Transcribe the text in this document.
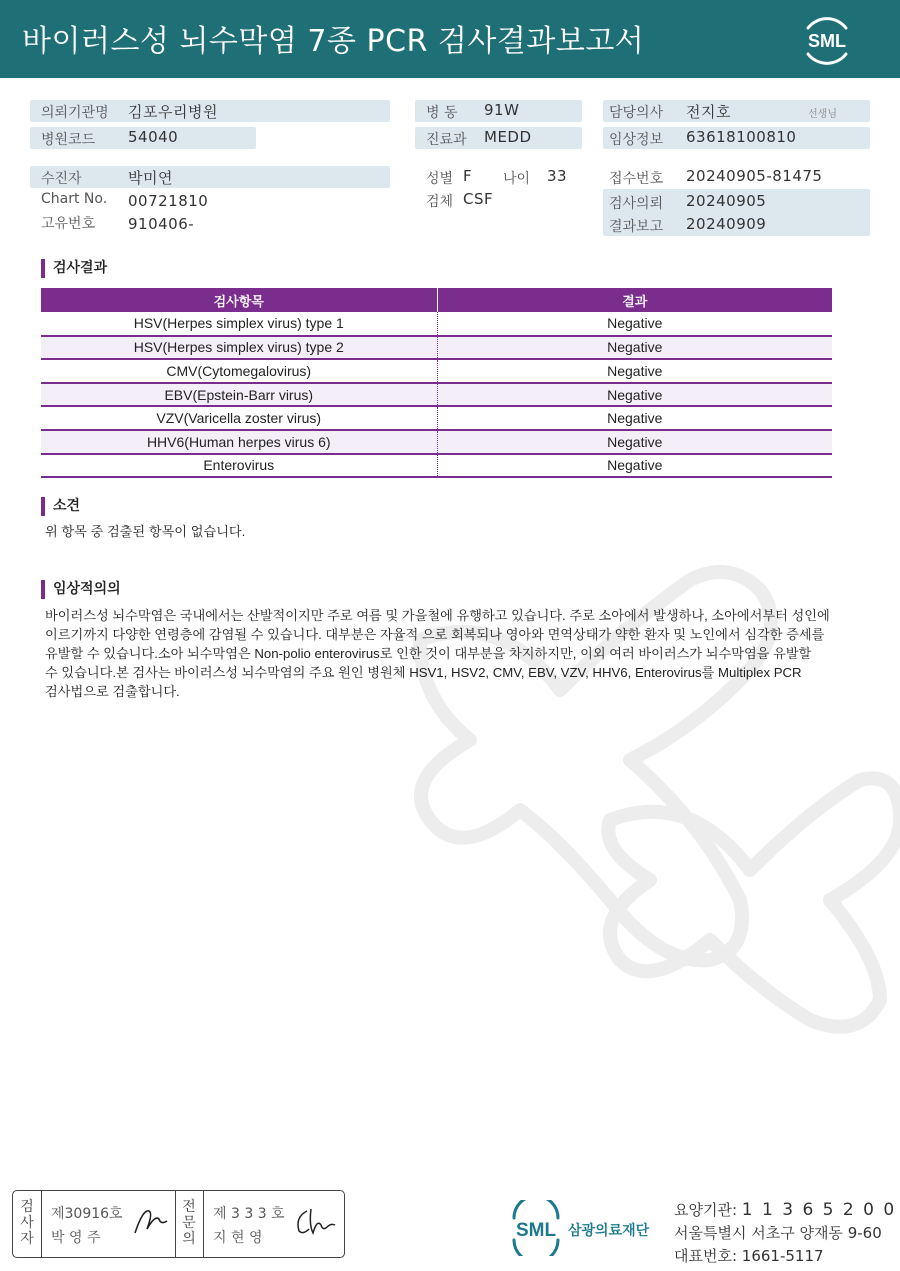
바이러스성 뇌수막염 7종 PCR 검사결과보고서	SML
의뢰기관명 김포우리병원	병 동 91W	담당의사 전지호	선생님
병원코드 54040	진료과 MEDD	임상정보 63618100810
수진자	박미연	성별 F 나이 33	접수번호 20240905-81475
Chart No. 00721810
고유번호 910406-
검체 CSF	검사의뢰 20240905
결과보고 20240909
검사결과
검사항목	결과
HSV(Herpes simplex virus) type 1	Negative
HSV(Herpes simplex virus) type 2	Negative
CMV(Cytomegalovirus)	Negative
EBV(Epstein-Barr virus)	Negative
VZV(Varicella zoster virus)	Negative
HHV6(Human herpes virus 6)	Negative
Enterovirus	Negative
소견
위 항목 중 검출된 항목이 없습니다.
임상적의의
바이러스성 뇌수막염은 국내에서는 산발적이지만 주로 여름 및 가을철에 유행하고 있습니다. 주로 소아에서 발생하나, 소아에서부터 성인에
이르기까지 다양한 연령층에 감염될 수 있습니다. 대부분은 자율적 으로 회복되나 영아와 면역상태가 약한 환자 및 노인에서 심각한 증세를
유발할 수 있습니다.소아 뇌수막염은 Non-polio enterovirus로 인한 것이 대부분을 차지하지만, 이외 여러 바이러스가 뇌수막염을 유발할
수 있습니다.본 검사는 바이러스성 뇌수막염의 주요 원인 병원체 HSV1, HSV2, CMV, EBV, VZV, HHV6, Enterovirus를 Multiplex PCR
검사법으로 검출합니다.
검
사
자
제30916호
박 영 주
전
문
의
제 3 3 3 호
지 현 영	SML 삼광의료재단
요양기관: 1 1 3 6 5 2 0 0
서울특별시 서초구 양재동 9-60
대표번호: 1661-5117
